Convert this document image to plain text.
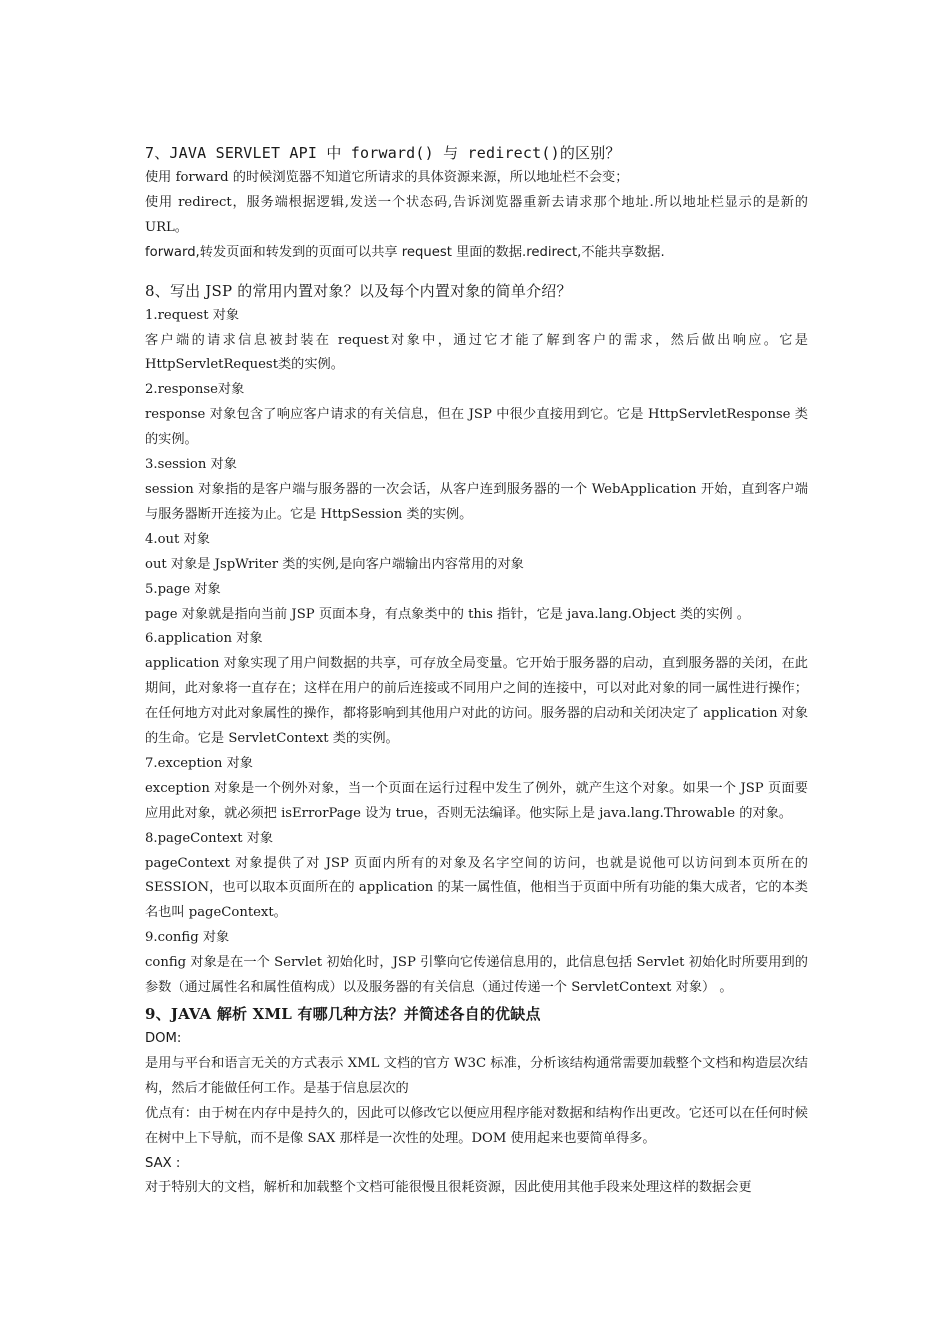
7、JAVA SERVLET API 中 forward() 与 redirect()的区别？

使用 forward 的时候浏览器不知道它所请求的具体资源来源，所以地址栏不会变；

使用 redirect，服务端根据逻辑,发送一个状态码,告诉浏览器重新去请求那个地址.所以地址栏显示的是新的 URL。

forward,转发页面和转发到的页面可以共享 request 里面的数据.redirect,不能共享数据.

8、写出 JSP 的常用内置对象？以及每个内置对象的简单介绍？

1.request 对象

客户端的请求信息被封装在 request对象中，通过它才能了解到客户的需求，然后做出响应。它是 HttpServletRequest类的实例。

2.response对象

response 对象包含了响应客户请求的有关信息，但在 JSP 中很少直接用到它。它是 HttpServletResponse 类的实例。

3.session 对象

session 对象指的是客户端与服务器的一次会话，从客户连到服务器的一个 WebApplication 开始，直到客户端与服务器断开连接为止。它是 HttpSession 类的实例。

4.out 对象

out 对象是 JspWriter 类的实例,是向客户端输出内容常用的对象

5.page 对象

page 对象就是指向当前 JSP 页面本身，有点象类中的 this 指针，它是 java.lang.Object 类的实例 。

6.application 对象

application 对象实现了用户间数据的共享，可存放全局变量。它开始于服务器的启动，直到服务器的关闭，在此期间，此对象将一直存在；这样在用户的前后连接或不同用户之间的连接中，可以对此对象的同一属性进行操作；在任何地方对此对象属性的操作，都将影响到其他用户对此的访问。服务器的启动和关闭决定了 application 对象的生命。它是 ServletContext 类的实例。

7.exception 对象

exception 对象是一个例外对象，当一个页面在运行过程中发生了例外，就产生这个对象。如果一个 JSP 页面要应用此对象，就必须把 isErrorPage 设为 true，否则无法编译。他实际上是 java.lang.Throwable 的对象。

8.pageContext 对象

pageContext 对象提供了对 JSP 页面内所有的对象及名字空间的访问，也就是说他可以访问到本页所在的 SESSION，也可以取本页面所在的 application 的某一属性值，他相当于页面中所有功能的集大成者，它的本类名也叫 pageContext。

9.config 对象

config 对象是在一个 Servlet 初始化时，JSP 引擎向它传递信息用的，此信息包括 Servlet 初始化时所要用到的参数（通过属性名和属性值构成）以及服务器的有关信息（通过传递一个 ServletContext 对象） 。

9、JAVA 解析 XML 有哪几种方法？并简述各自的优缺点

DOM:

是用与平台和语言无关的方式表示 XML 文档的官方 W3C 标准，分析该结构通常需要加载整个文档和构造层次结构，然后才能做任何工作。是基于信息层次的

优点有：由于树在内存中是持久的，因此可以修改它以便应用程序能对数据和结构作出更改。它还可以在任何时候在树中上下导航，而不是像 SAX 那样是一次性的处理。DOM 使用起来也要简单得多。

SAX :

对于特别大的文档，解析和加载整个文档可能很慢且很耗资源，因此使用其他手段来处理这样的数据会更
